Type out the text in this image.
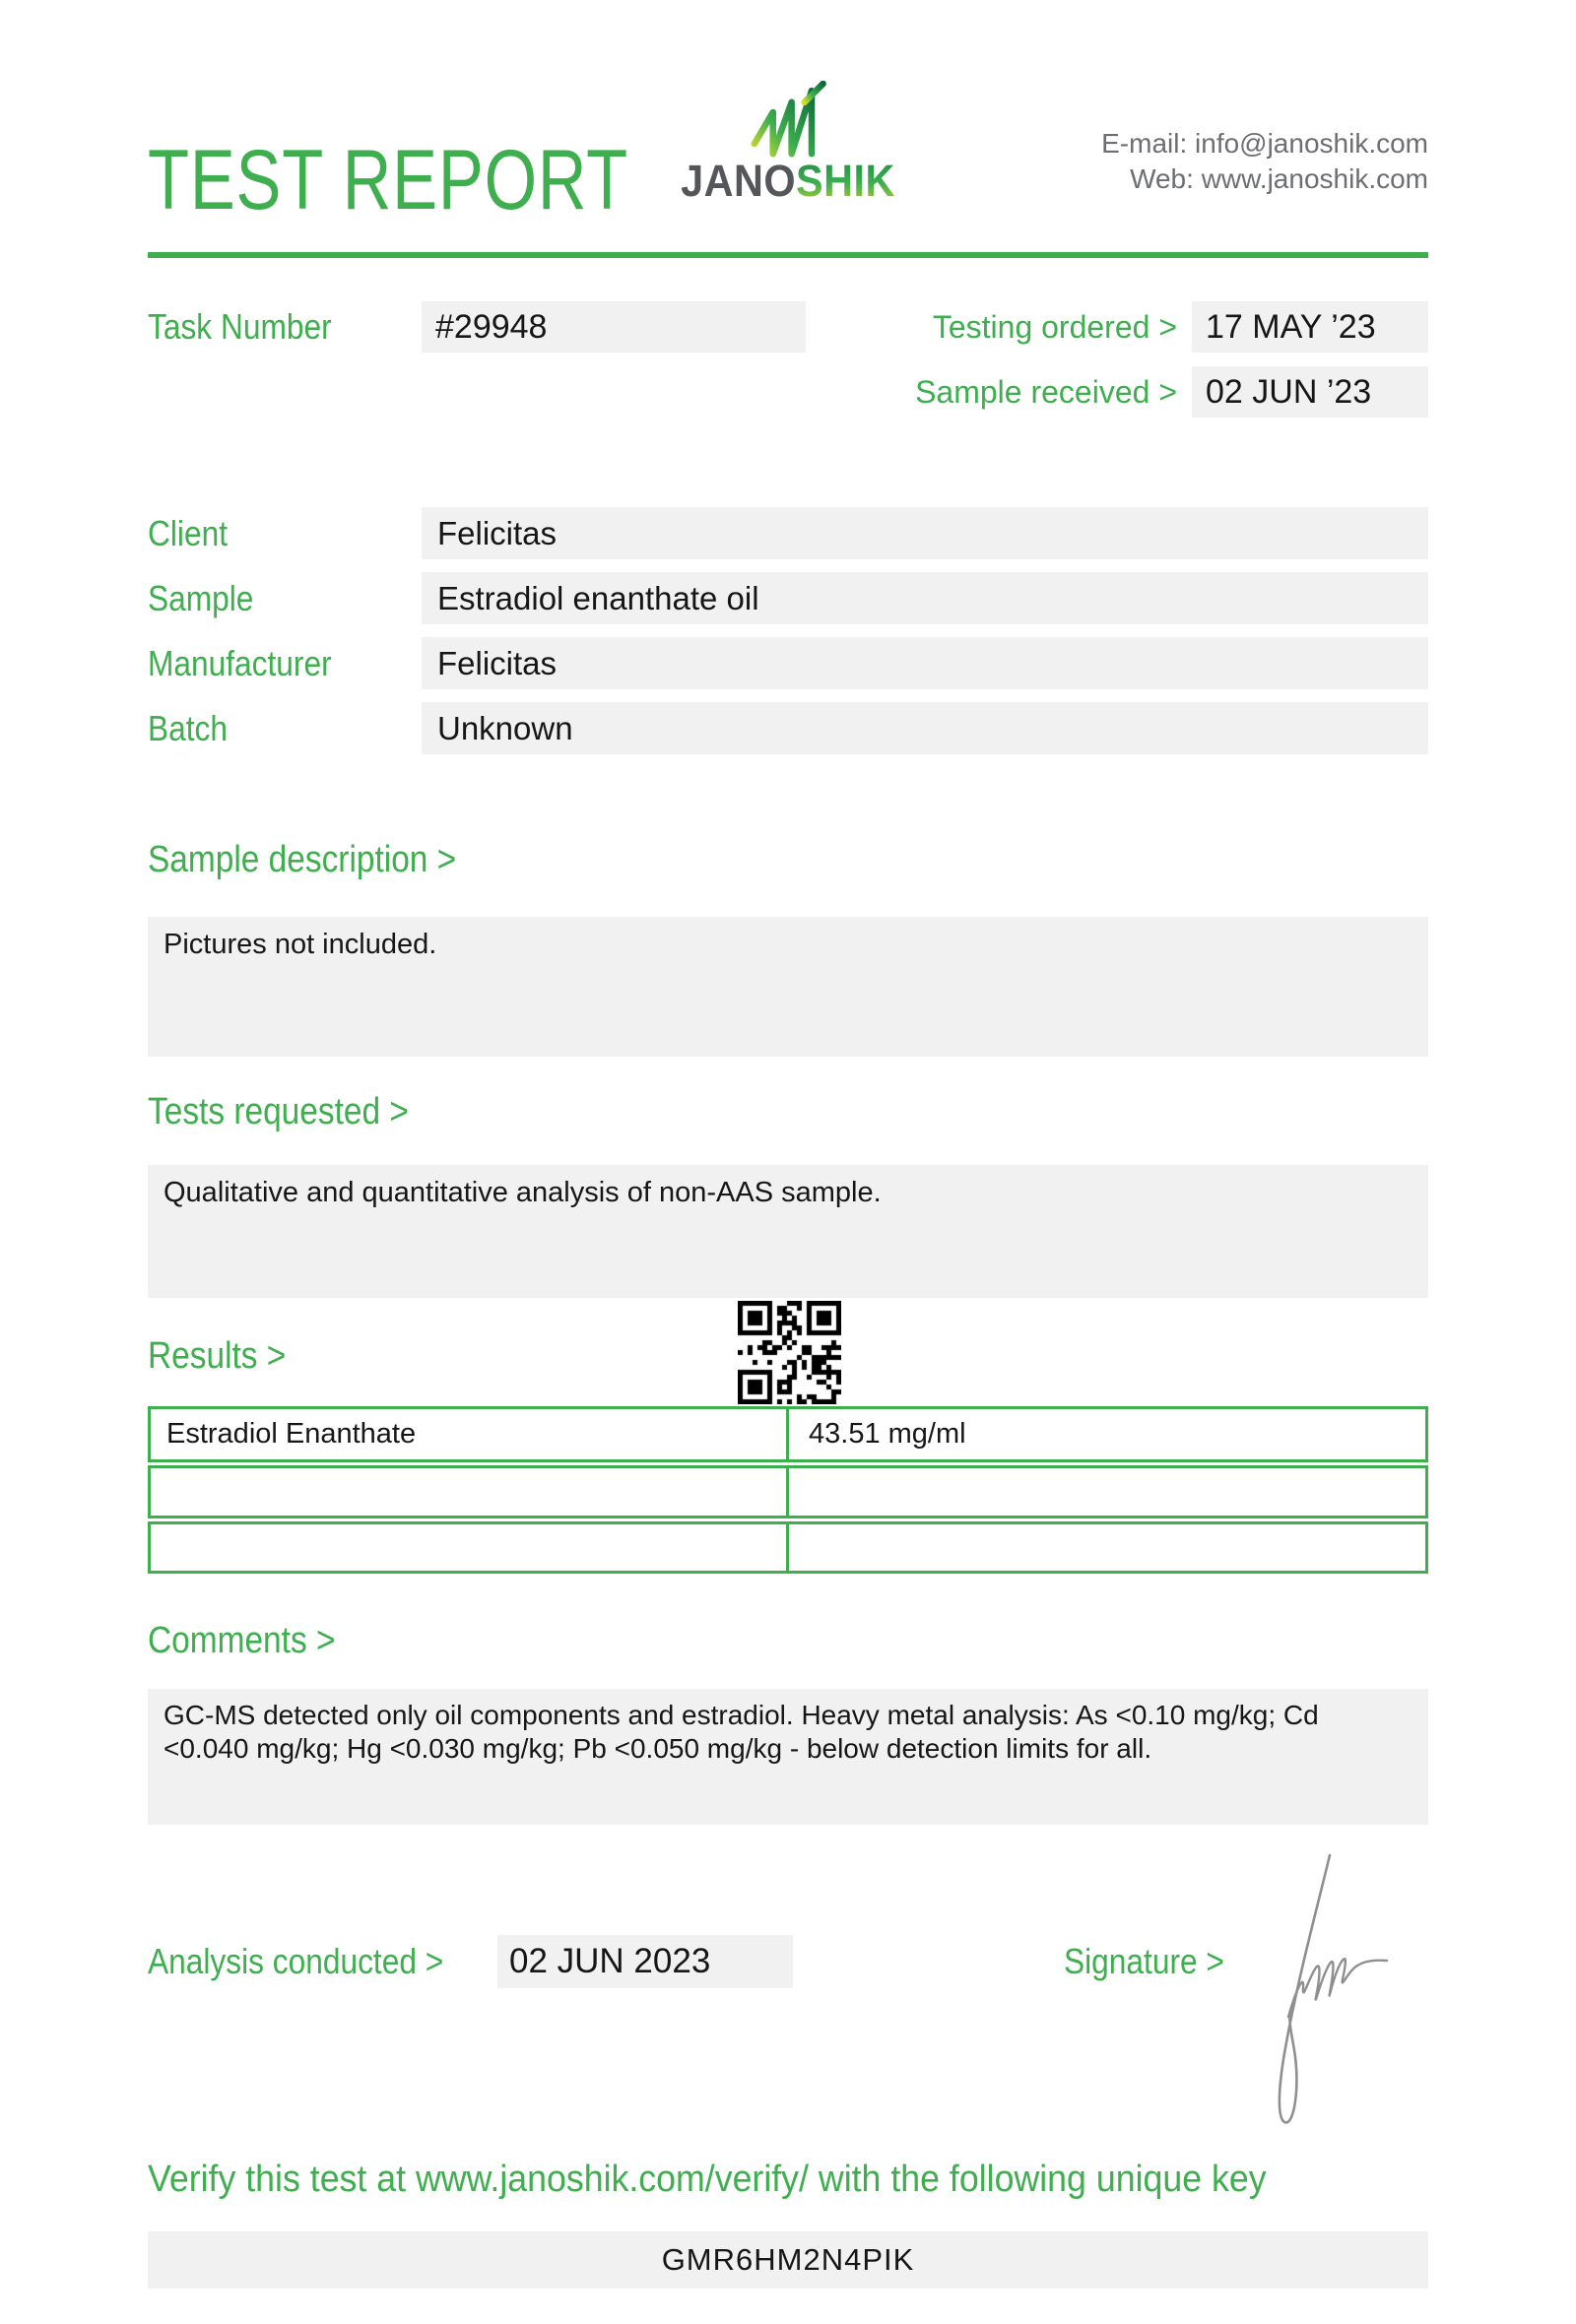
TEST REPORT	JANOSHIK
E-mail: info@janoshik.com
Web: www.janoshik.com
Task Number	#29948	Testing ordered > 17 MAY ’23
Sample received > 02 JUN ’23
Client	Felicitas
Sample	Estradiol enanthate oil
Manufacturer	Felicitas
Batch	Unknown
Sample description >
Pictures not included.
Tests requested >
Qualitative and quantitative analysis of non-AAS sample.
Results >
Estradiol Enanthate	43.51 mg/ml
Comments >
GC-MS detected only oil components and estradiol. Heavy metal analysis: As <0.10 mg/kg; Cd <0.040 mg/kg; Hg <0.030 mg/kg; Pb <0.050 mg/kg - below detection limits for all.
Analysis conducted >	02 JUN 2023	Signature >
Verify this test at www.janoshik.com/verify/ with the following unique key
GMR6HM2N4PIK
